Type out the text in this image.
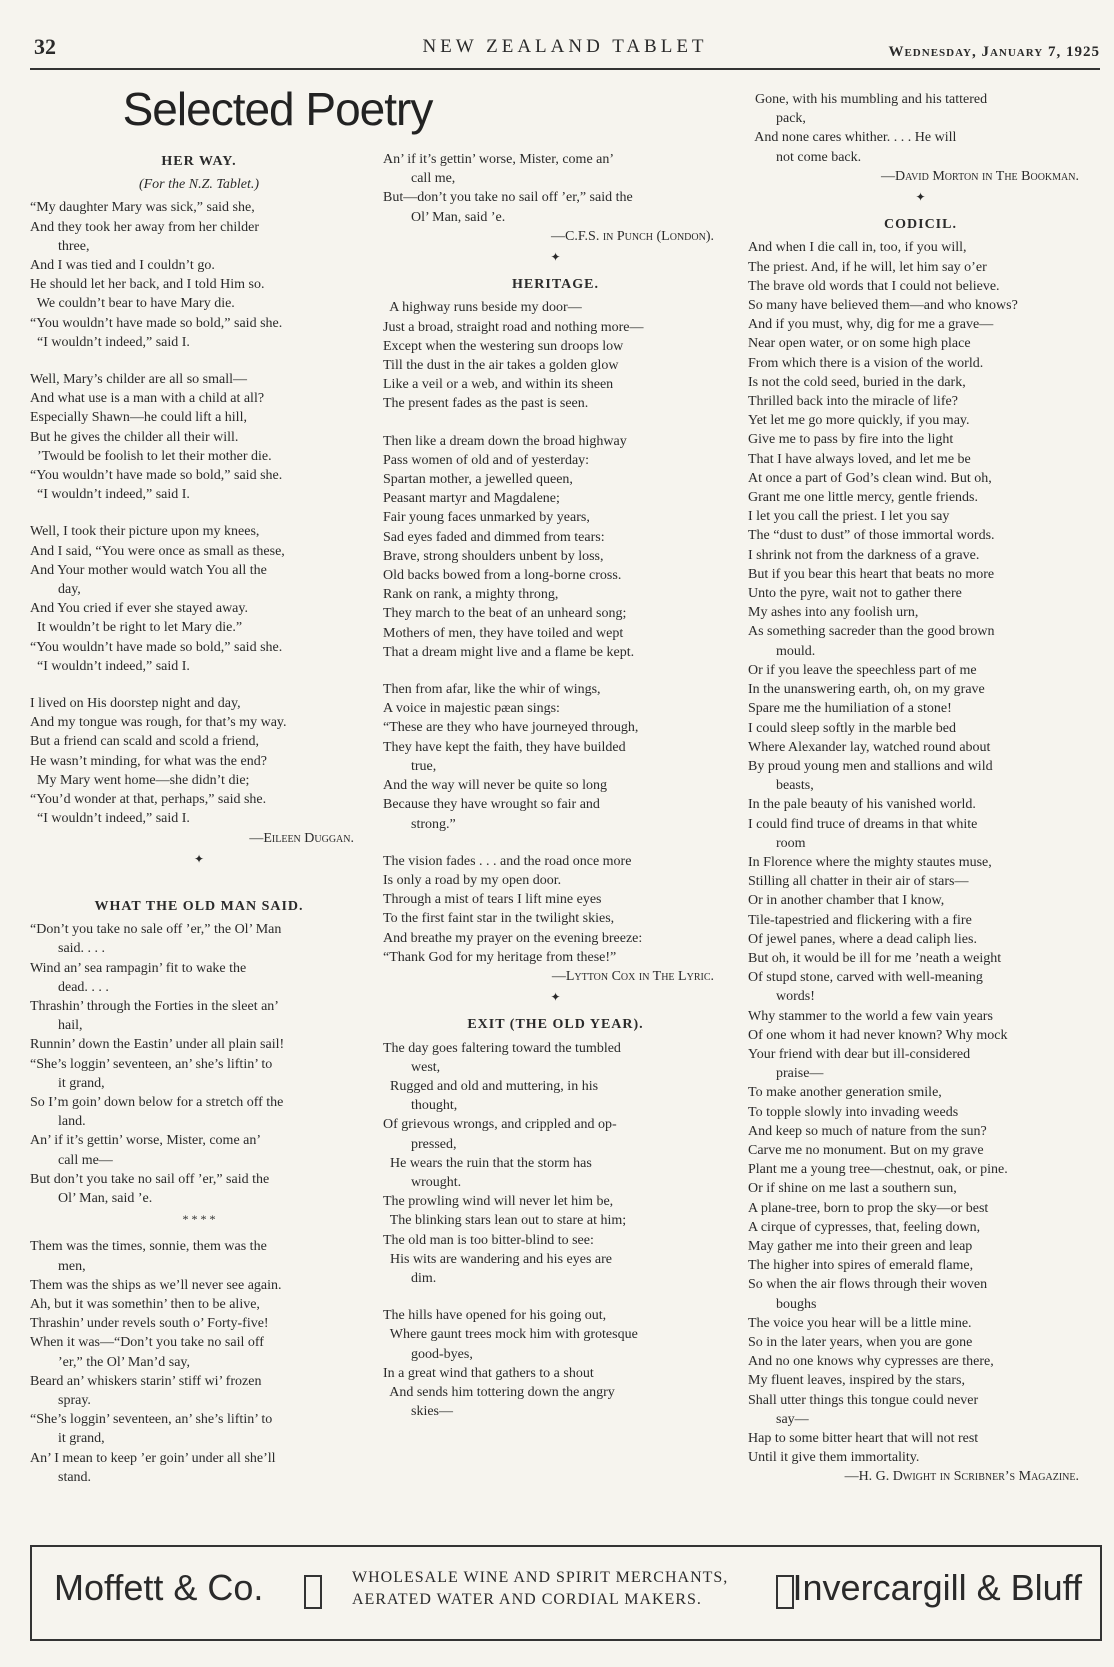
32	NEW ZEALAND TABLET	Wednesday, January 7, 1925
Selected Poetry
HER WAY.
(For the N.Z. Tablet.)
“My daughter Mary was sick,” said she,
And they took her away from her childer
three,
And I was tied and I couldn’t go.
He should let her back, and I told Him so.
We couldn’t bear to have Mary die.
“You wouldn’t have made so bold,” said she.
“I wouldn’t indeed,” said I.
Well, Mary’s childer are all so small—
And what use is a man with a child at all?
Especially Shawn—he could lift a hill,
But he gives the childer all their will.
’Twould be foolish to let their mother die.
“You wouldn’t have made so bold,” said she.
“I wouldn’t indeed,” said I.
Well, I took their picture upon my knees,
And I said, “You were once as small as these,
And Your mother would watch You all the
day,
And You cried if ever she stayed away.
It wouldn’t be right to let Mary die.”
“You wouldn’t have made so bold,” said she.
“I wouldn’t indeed,” said I.
I lived on His doorstep night and day,
And my tongue was rough, for that’s my way.
But a friend can scald and scold a friend,
He wasn’t minding, for what was the end?
My Mary went home—she didn’t die;
“You’d wonder at that, perhaps,” said she.
“I wouldn’t indeed,” said I.
—Eileen Duggan.
✦
WHAT THE OLD MAN SAID.
“Don’t you take no sale off ’er,” the Ol’ Man
said. . . .
Wind an’ sea rampagin’ fit to wake the
dead. . . .
Thrashin’ through the Forties in the sleet an’
hail,
Runnin’ down the Eastin’ under all plain sail!
“She’s loggin’ seventeen, an’ she’s liftin’ to
it grand,
So I’m goin’ down below for a stretch off the
land.
An’ if it’s gettin’ worse, Mister, come an’
call me—
But don’t you take no sail off ’er,” said the
Ol’ Man, said ’e.
* * * *
Them was the times, sonnie, them was the
men,
Them was the ships as we’ll never see again.
Ah, but it was somethin’ then to be alive,
Thrashin’ under revels south o’ Forty-five!
When it was—“Don’t you take no sail off
’er,” the Ol’ Man’d say,
Beard an’ whiskers starin’ stiff wi’ frozen
spray.
“She’s loggin’ seventeen, an’ she’s liftin’ to
it grand,
An’ I mean to keep ’er goin’ under all she’ll
stand.
An’ if it’s gettin’ worse, Mister, come an’
call me,
But—don’t you take no sail off ’er,” said the
Ol’ Man, said ’e.
—C.F.S. in Punch (London).
✦
HERITAGE.
A highway runs beside my door—
Just a broad, straight road and nothing more—
Except when the westering sun droops low
Till the dust in the air takes a golden glow
Like a veil or a web, and within its sheen
The present fades as the past is seen.
Then like a dream down the broad highway
Pass women of old and of yesterday:
Spartan mother, a jewelled queen,
Peasant martyr and Magdalene;
Fair young faces unmarked by years,
Sad eyes faded and dimmed from tears:
Brave, strong shoulders unbent by loss,
Old backs bowed from a long-borne cross.
Rank on rank, a mighty throng,
They march to the beat of an unheard song;
Mothers of men, they have toiled and wept
That a dream might live and a flame be kept.
Then from afar, like the whir of wings,
A voice in majestic pæan sings:
“These are they who have journeyed through,
They have kept the faith, they have builded
true,
And the way will never be quite so long
Because they have wrought so fair and
strong.”
The vision fades . . . and the road once more
Is only a road by my open door.
Through a mist of tears I lift mine eyes
To the first faint star in the twilight skies,
And breathe my prayer on the evening breeze:
“Thank God for my heritage from these!”
—Lytton Cox in The Lyric.
✦
EXIT (THE OLD YEAR).
The day goes faltering toward the tumbled
west,
Rugged and old and muttering, in his
thought,
Of grievous wrongs, and crippled and op-
pressed,
He wears the ruin that the storm has
wrought.
The prowling wind will never let him be,
The blinking stars lean out to stare at him;
The old man is too bitter-blind to see:
His wits are wandering and his eyes are
dim.
The hills have opened for his going out,
Where gaunt trees mock him with grotesque
good-byes,
In a great wind that gathers to a shout
And sends him tottering down the angry
skies—
Gone, with his mumbling and his tattered
pack,
And none cares whither. . . . He will
not come back.
—David Morton in The Bookman.
✦
CODICIL.
And when I die call in, too, if you will,
The priest. And, if he will, let him say o’er
The brave old words that I could not believe.
So many have believed them—and who knows?
And if you must, why, dig for me a grave—
Near open water, or on some high place
From which there is a vision of the world.
Is not the cold seed, buried in the dark,
Thrilled back into the miracle of life?
Yet let me go more quickly, if you may.
Give me to pass by fire into the light
That I have always loved, and let me be
At once a part of God’s clean wind. But oh,
Grant me one little mercy, gentle friends.
I let you call the priest. I let you say
The “dust to dust” of those immortal words.
I shrink not from the darkness of a grave.
But if you bear this heart that beats no more
Unto the pyre, wait not to gather there
My ashes into any foolish urn,
As something sacreder than the good brown
mould.
Or if you leave the speechless part of me
In the unanswering earth, oh, on my grave
Spare me the humiliation of a stone!
I could sleep softly in the marble bed
Where Alexander lay, watched round about
By proud young men and stallions and wild
beasts,
In the pale beauty of his vanished world.
I could find truce of dreams in that white
room
In Florence where the mighty stautes muse,
Stilling all chatter in their air of stars—
Or in another chamber that I know,
Tile-tapestried and flickering with a fire
Of jewel panes, where a dead caliph lies.
But oh, it would be ill for me ’neath a weight
Of stupd stone, carved with well-meaning
words!
Why stammer to the world a few vain years
Of one whom it had never known? Why mock
Your friend with dear but ill-considered
praise—
To make another generation smile,
To topple slowly into invading weeds
And keep so much of nature from the sun?
Carve me no monument. But on my grave
Plant me a young tree—chestnut, oak, or pine.
Or if shine on me last a southern sun,
A plane-tree, born to prop the sky—or best
A cirque of cypresses, that, feeling down,
May gather me into their green and leap
The higher into spires of emerald flame,
So when the air flows through their woven
boughs
The voice you hear will be a little mine.
So in the later years, when you are gone
And no one knows why cypresses are there,
My fluent leaves, inspired by the stars,
Shall utter things this tongue could never
say—
Hap to some bitter heart that will not rest
Until it give them immortality.
—H. G. Dwight in Scribner’s Magazine.
Moffett & Co.	WHOLESALE WINE AND SPIRIT MERCHANTS,
AERATED WATER AND CORDIAL MAKERS.	Invercargill & Bluff
